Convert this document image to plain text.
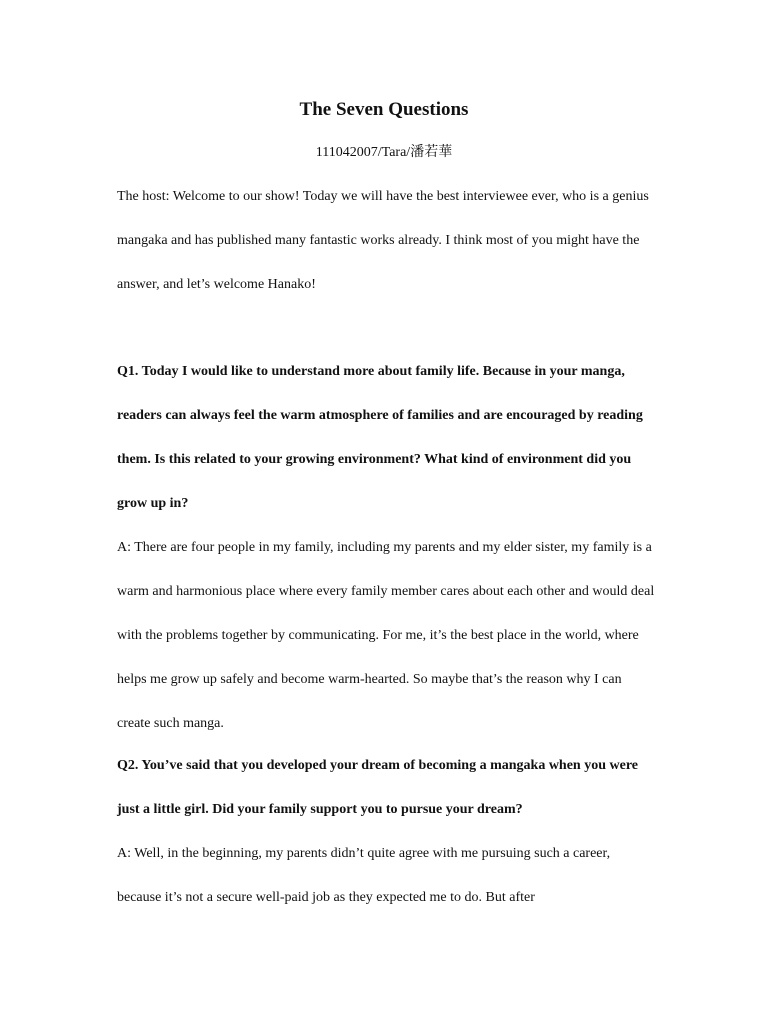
The Seven Questions
111042007/Tara/潘若華

The host: Welcome to our show! Today we will have the best interviewee ever, who is a genius mangaka and has published many fantastic works already. I think most of you might have the answer, and let’s welcome Hanako!

Q1. Today I would like to understand more about family life. Because in your manga, readers can always feel the warm atmosphere of families and are encouraged by reading them. Is this related to your growing environment? What kind of environment did you grow up in?

A: There are four people in my family, including my parents and my elder sister, my family is a warm and harmonious place where every family member cares about each other and would deal with the problems together by communicating. For me, it’s the best place in the world, where helps me grow up safely and become warm-hearted. So maybe that’s the reason why I can create such manga.

Q2. You’ve said that you developed your dream of becoming a mangaka when you were just a little girl. Did your family support you to pursue your dream?

A: Well, in the beginning, my parents didn’t quite agree with me pursuing such a career, because it’s not a secure well-paid job as they expected me to do. But after
